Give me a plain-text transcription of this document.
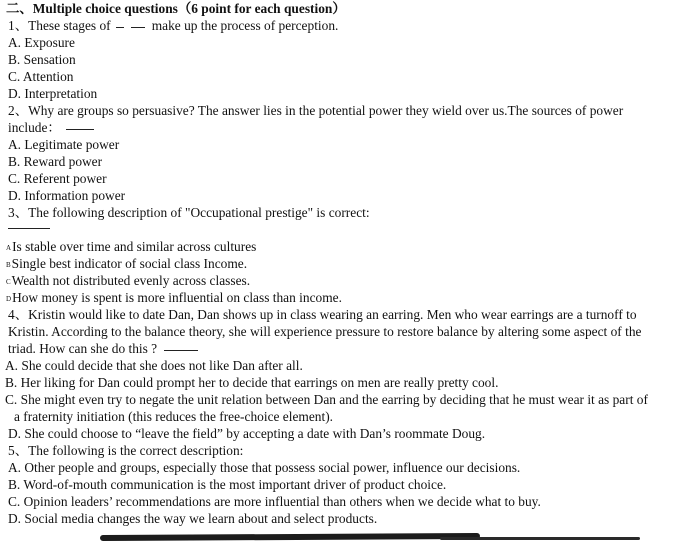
二、Multiple choice questions（6 point for each question）
1、These stages of	make up the process of perception.
A. Exposure
B. Sensation
C. Attention
D. Interpretation
2、Why are groups so persuasive? The answer lies in the potential power they wield over us.The sources of power
include：
A. Legitimate power
B. Reward power
C. Referent power
D. Information power
3、The following description of "Occupational prestige" is correct:
AIs stable over time and similar across cultures
BSingle best indicator of social class Income.
CWealth not distributed evenly across classes.
DHow money is spent is more influential on class than income.
4、Kristin would like to date Dan, Dan shows up in class wearing an earring. Men who wear earrings are a turnoff to
Kristin. According to the balance theory, she will experience pressure to restore balance by altering some aspect of the
triad. How can she do this ?
A. She could decide that she does not like Dan after all.
B. Her liking for Dan could prompt her to decide that earrings on men are really pretty cool.
C. She might even try to negate the unit relation between Dan and the earring by deciding that he must wear it as part of
a fraternity initiation (this reduces the free-choice element).
D. She could choose to “leave the field” by accepting a date with Dan’s roommate Doug.
5、The following is the correct description:
A. Other people and groups, especially those that possess social power, influence our decisions.
B. Word-of-mouth communication is the most important driver of product choice.
C. Opinion leaders’ recommendations are more influential than others when we decide what to buy.
D. Social media changes the way we learn about and select products.
